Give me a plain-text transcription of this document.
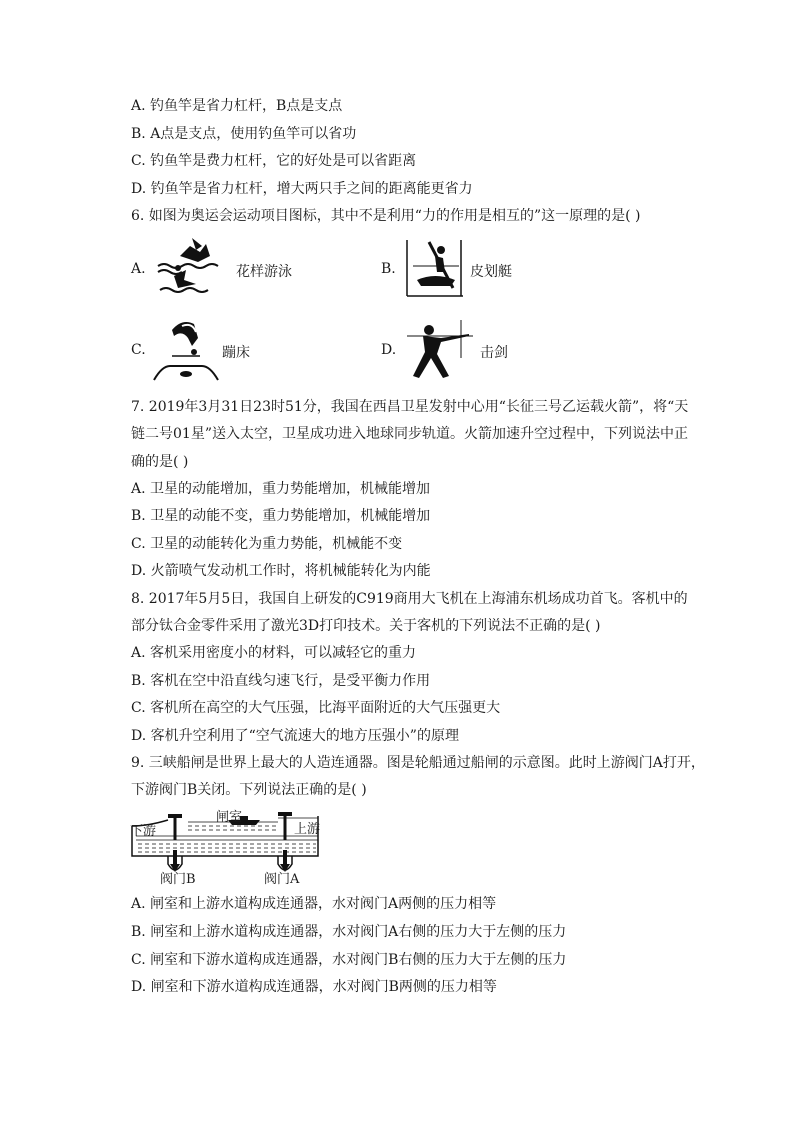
A. 钓鱼竿是省力杠杆，B点是支点
B. A点是支点，使用钓鱼竿可以省功
C. 钓鱼竿是费力杠杆，它的好处是可以省距离
D. 钓鱼竿是省力杠杆，增大两只手之间的距离能更省力
6. 如图为奥运会运动项目图标，其中不是利用“力的作用是相互的”这一原理的是( )
A.	花样游泳	B.	皮划艇
C.	蹦床	D.	击剑
7. 2019年3月31日23时51分，我国在西昌卫星发射中心用“长征三号乙运载火箭”，将“天
链二号01星”送入太空，卫星成功进入地球同步轨道。火箭加速升空过程中，下列说法中正
确的是( )
A. 卫星的动能增加，重力势能增加，机械能增加
B. 卫星的动能不变，重力势能增加，机械能增加
C. 卫星的动能转化为重力势能，机械能不变
D. 火箭喷气发动机工作时，将机械能转化为内能
8. 2017年5月5日，我国自上研发的C919商用大飞机在上海浦东机场成功首飞。客机中的
部分钛合金零件采用了激光3D打印技术。关于客机的下列说法不正确的是( )
A. 客机采用密度小的材料，可以减轻它的重力
B. 客机在空中沿直线匀速飞行，是受平衡力作用
C. 客机所在高空的大气压强，比海平面附近的大气压强更大
D. 客机升空利用了“空气流速大的地方压强小”的原理
9. 三峡船闸是世界上最大的人造连通器。图是轮船通过船闸的示意图。此时上游阀门A打开，
下游阀门B关闭。下列说法正确的是( )
下游
闸室
上游
阀门B	阀门A
A. 闸室和上游水道构成连通器，水对阀门A两侧的压力相等
B. 闸室和上游水道构成连通器，水对阀门A右侧的压力大于左侧的压力
C. 闸室和下游水道构成连通器，水对阀门B右侧的压力大于左侧的压力
D. 闸室和下游水道构成连通器，水对阀门B两侧的压力相等
